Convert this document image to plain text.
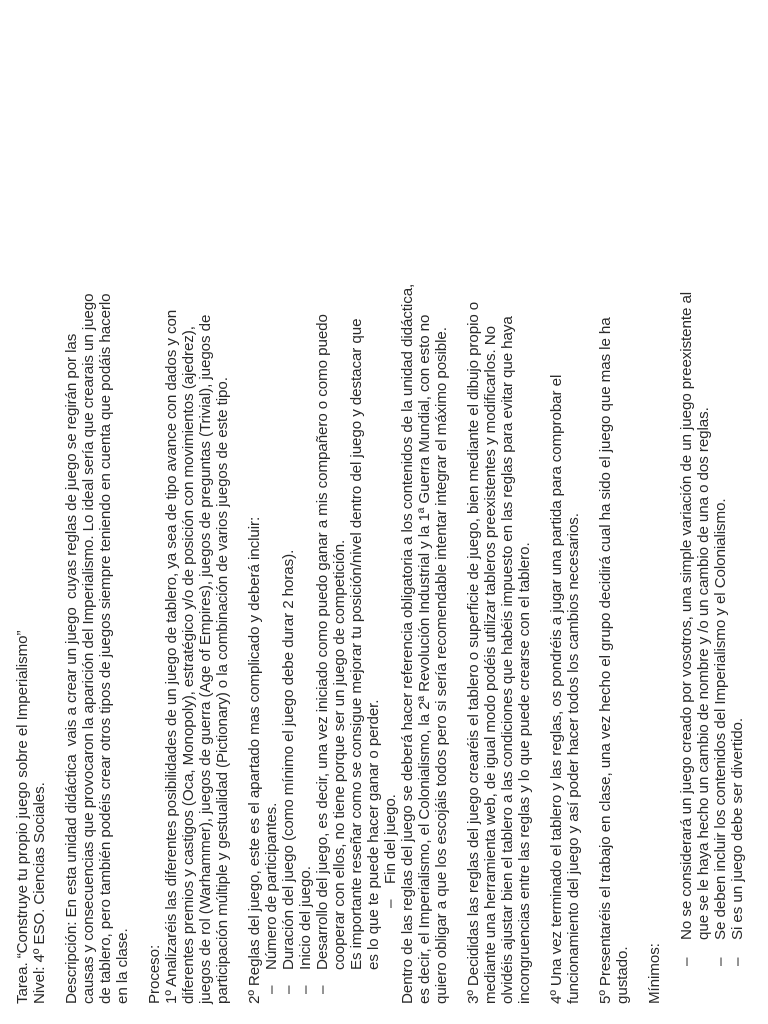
Tarea. “Construye tu propio juego sobre el Imperialismo” Nivel: 4º ESO. Ciencias Sociales. Descripción: En esta unidad didáctica  vais a crear un juego  cuyas reglas de juego se regirán por las causas y consecuencias que provocaron la aparición del Imperialismo. Lo ideal sería que crearais un juego de tablero, pero también podéis crear otros tipos de juegos siempre teniendo en cuenta que podáis hacerlo en la clase. Proceso: 1º Analizaréis las diferentes posibilidades de un juego de tablero, ya sea de tipo avance con dados y con diferentes premios y castigos (Oca, Monopoly), estratégico y/o de posición con movimientos (ajedrez), juegos de rol (Warhammer), juegos de guerra (Age of Empires), juegos de preguntas (Trivial), juegos de participación múltiple y gestualidad (Pictionary) o la combinación de varios juegos de este tipo. 2º Reglas del juego, este es el apartado mas complicado y deberá incluir: –
Número de participantes.

–
Duración del juego (como mínimo el juego debe durar 2 horas).

–
Inicio del juego.

–
Desarrollo del juego, es decir, una vez iniciado como puedo ganar a mis compañero o como puedo cooperar con ellos, no tiene porque ser un juego de competición. Es importante reseñar como se consigue mejorar tu posición/nivel dentro del juego y destacar que es lo que te puede hacer ganar o perder. –
Fin del juego. Dentro de las reglas del juego se deberá hacer referencia obligatoria a los contenidos de la unidad didáctica, es decir, el Imperialismo, el Colonialismo, la 2ª Revolución Industrial y la 1ª Guerra Mundial, con esto no quiero obligar a que los escojáis todos pero si sería recomendable intentar integrar el máximo posible. 3º Decididas las reglas del juego crearéis el tablero o superficie de juego, bien mediante el dibujo propio o mediante una herramienta web, de igual modo podéis utilizar tableros preexistentes y modificarlos. No olvidéis ajustar bien el tablero a las condiciones que habéis impuesto en las reglas para evitar que haya incongruencias entre las reglas y lo que puede crearse con el tablero. 4º Una vez terminado el tablero y las reglas, os pondréis a jugar una partida para comprobar el funcionamiento del juego y así poder hacer todos los cambios necesarios. 5º Presentaréis el trabajo en clase, una vez hecho el grupo decidirá cual ha sido el juego que mas le ha gustado. Mínimos: –
No se considerará un juego creado por vosotros, una simple variación de un juego preexistente al que se le haya hecho un cambio de nombre y /o un cambio de una o dos reglas.

–
Se deben incluir los contenidos del Imperialismo y el Colonialismo.

–
Si es un juego debe ser divertido.
